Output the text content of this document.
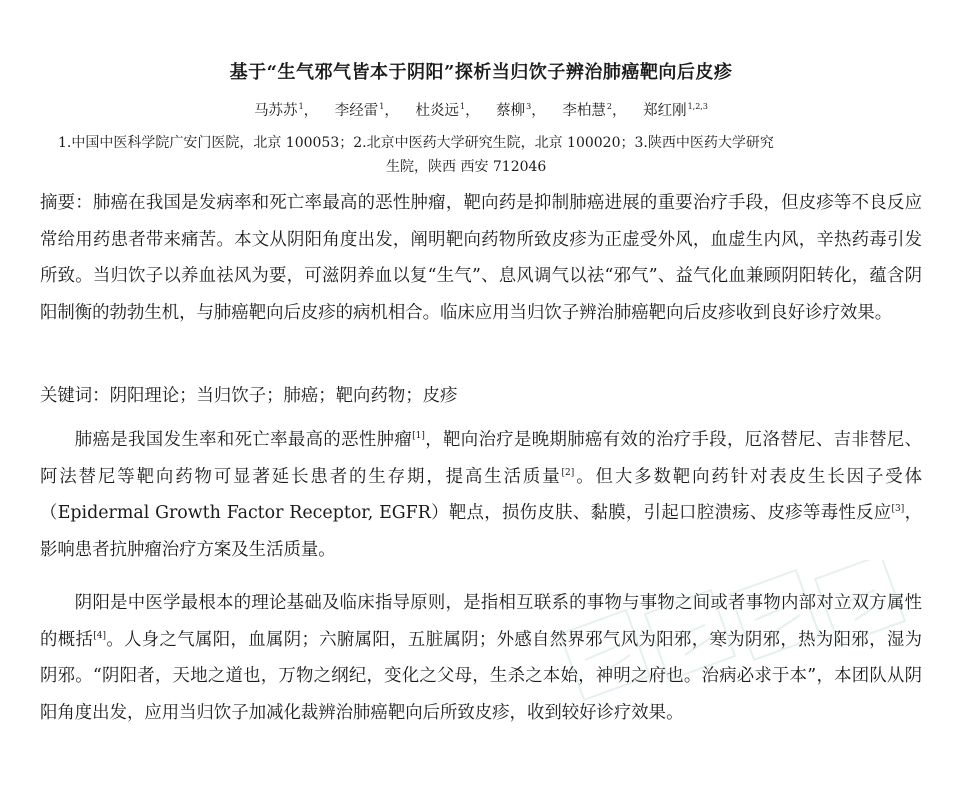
基于“生气邪气皆本于阴阳”探析当归饮子辨治肺癌靶向后皮疹
马苏苏$^1$， 李经雷$^1$， 杜炎远$^1$， 蔡柳$^3$， 李柏慧$^2$， 郑红刚$^{1,2,3}$
1.中国中医科学院广安门医院，北京 100053；2.北京中医药大学研究生院，北京 100020；3.陕西中医药大学研究
生院，陕西 西安 712046
摘要：肺癌在我国是发病率和死亡率最高的恶性肿瘤，靶向药是抑制肺癌进展的重要治疗手段，但皮疹等不良反应常给用药患者带来痛苦。本文从阴阳角度出发，阐明靶向药物所致皮疹为正虚受外风，血虚生内风，辛热药毒引发所致。当归饮子以养血祛风为要，可滋阴养血以复“生气”、息风调气以祛“邪气”、益气化血兼顾阴阳转化，蕴含阴阳制衡的勃勃生机，与肺癌靶向后皮疹的病机相合。临床应用当归饮子辨治肺癌靶向后皮疹收到良好诊疗效果。
关键词：阴阳理论；当归饮子；肺癌；靶向药物；皮疹
肺癌是我国发生率和死亡率最高的恶性肿瘤[1]，靶向治疗是晚期肺癌有效的治疗手段，厄洛替尼、吉非替尼、阿法替尼等靶向药物可显著延长患者的生存期，提高生活质量[2]。但大多数靶向药针对表皮生长因子受体（Epidermal Growth Factor Receptor, EGFR）靶点，损伤皮肤、黏膜，引起口腔溃疡、皮疹等毒性反应[3]，影响患者抗肿瘤治疗方案及生活质量。
阴阳是中医学最根本的理论基础及临床指导原则，是指相互联系的事物与事物之间或者事物内部对立双方属性的概括[4]。人身之气属阳，血属阴；六腑属阳，五脏属阴；外感自然界邪气风为阳邪，寒为阴邪，热为阳邪，湿为阴邪。“阴阳者，天地之道也，万物之纲纪，变化之父母，生杀之本始，神明之府也。治病必求于本”，本团队从阴阳角度出发，应用当归饮子加减化裁辨治肺癌靶向后所致皮疹，收到较好诊疗效果。
